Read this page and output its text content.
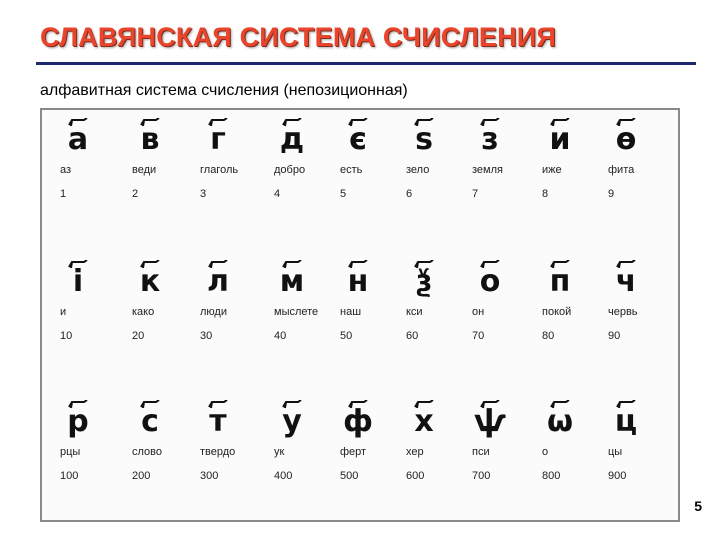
СЛАВЯНСКАЯ СИСТЕМА СЧИСЛЕНИЯ
алфавитная система счисления (непозиционная)
а
аз
1
в
веди
2
г
глаголь
3
д
добро
4
є
есть
5
ѕ
зело
6
з
земля
7
и
иже
8
ѳ
фита
9
і
и
10
к
како
20
л
люди
30
м
мыслете
40
н
наш
50
ѯ
кси
60
о
он
70
п
покой
80
ч
червь
90
р
рцы
100
с
слово
200
т
твердо
300
у
ук
400
ф
ферт
500
х
хер
600
ѱ
пси
700
ѡ
о
800
ц
цы
900
5
